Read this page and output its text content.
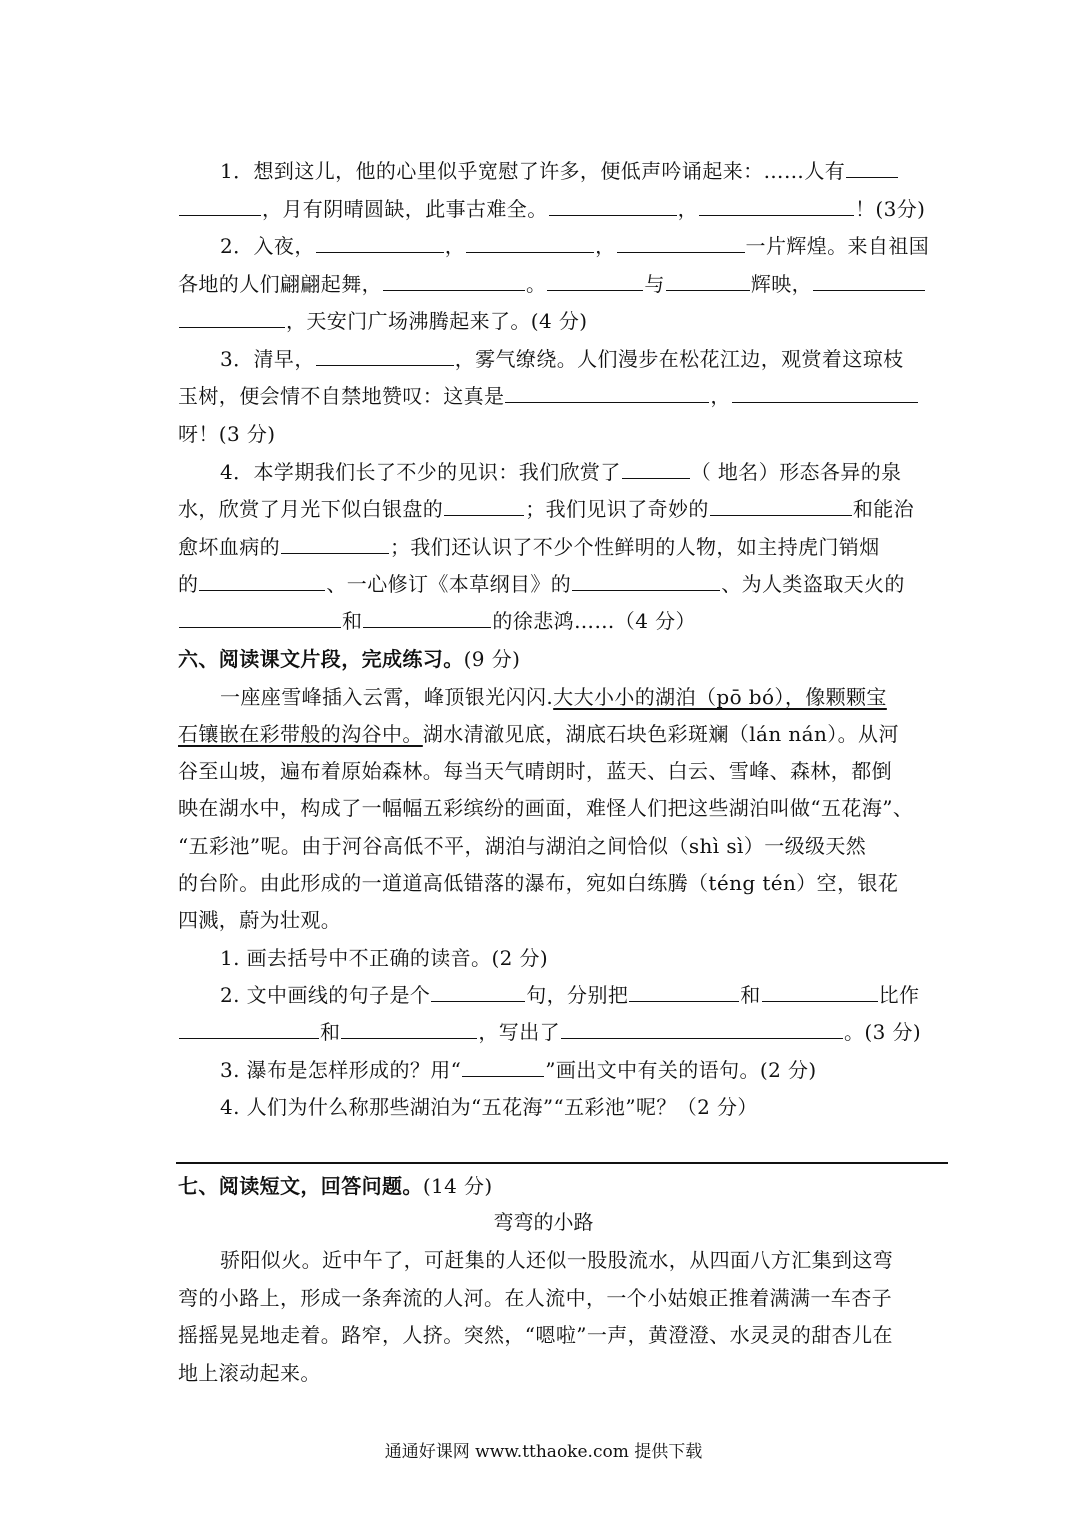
1．想到这儿，他的心里似乎宽慰了许多，便低声吟诵起来：……人有
，月有阴晴圆缺，此事古难全。	，	！(3分)
2．入夜，	，	，	一片辉煌。来自祖国
各地的人们翩翩起舞，	。	与	辉映，
，天安门广场沸腾起来了。(4 分)
3．清早，	，雾气缭绕。人们漫步在松花江边，观赏着这琼枝
玉树，便会情不自禁地赞叹：这真是	，
呀！(3 分)
4．本学期我们长了不少的见识：我们欣赏了	（ 地名）形态各异的泉
水，欣赏了月光下似白银盘的	；我们见识了奇妙的	和能治
愈坏血病的	；我们还认识了不少个性鲜明的人物，如主持虎门销烟
的	、一心修订《本草纲目》的	、为人类盗取天火的
和	的徐悲鸿……（4 分）
六、阅读课文片段，完成练习。(9 分)
一座座雪峰插入云霄，峰顶银光闪闪.大大小小的湖泊（pō bó），像颗颗宝
石镶嵌在彩带般的沟谷中。湖水清澈见底，湖底石块色彩斑斓（lán nán）。从河
谷至山坡，遍布着原始森林。每当天气晴朗时，蓝天、白云、雪峰、森林，都倒
映在湖水中，构成了一幅幅五彩缤纷的画面，难怪人们把这些湖泊叫做“五花海”、
“五彩池”呢。由于河谷高低不平，湖泊与湖泊之间恰似（shì sì）一级级天然
的台阶。由此形成的一道道高低错落的瀑布，宛如白练腾（téng tén）空，银花
四溅，蔚为壮观。
1. 画去括号中不正确的读音。(2 分)
2. 文中画线的句子是个	句，分别把	和	比作
和	，写出了	。(3 分)
3. 瀑布是怎样形成的？用“	”画出文中有关的语句。(2 分)
4. 人们为什么称那些湖泊为“五花海”“五彩池”呢？（2 分）
七、阅读短文，回答问题。(14 分)
弯弯的小路
骄阳似火。近中午了，可赶集的人还似一股股流水，从四面八方汇集到这弯
弯的小路上，形成一条奔流的人河。在人流中，一个小姑娘正推着满满一车杏子
摇摇晃晃地走着。路窄，人挤。突然，“嗯啦”一声，黄澄澄、水灵灵的甜杏儿在
地上滚动起来。
通通好课网 www.tthaoke.com 提供下载
